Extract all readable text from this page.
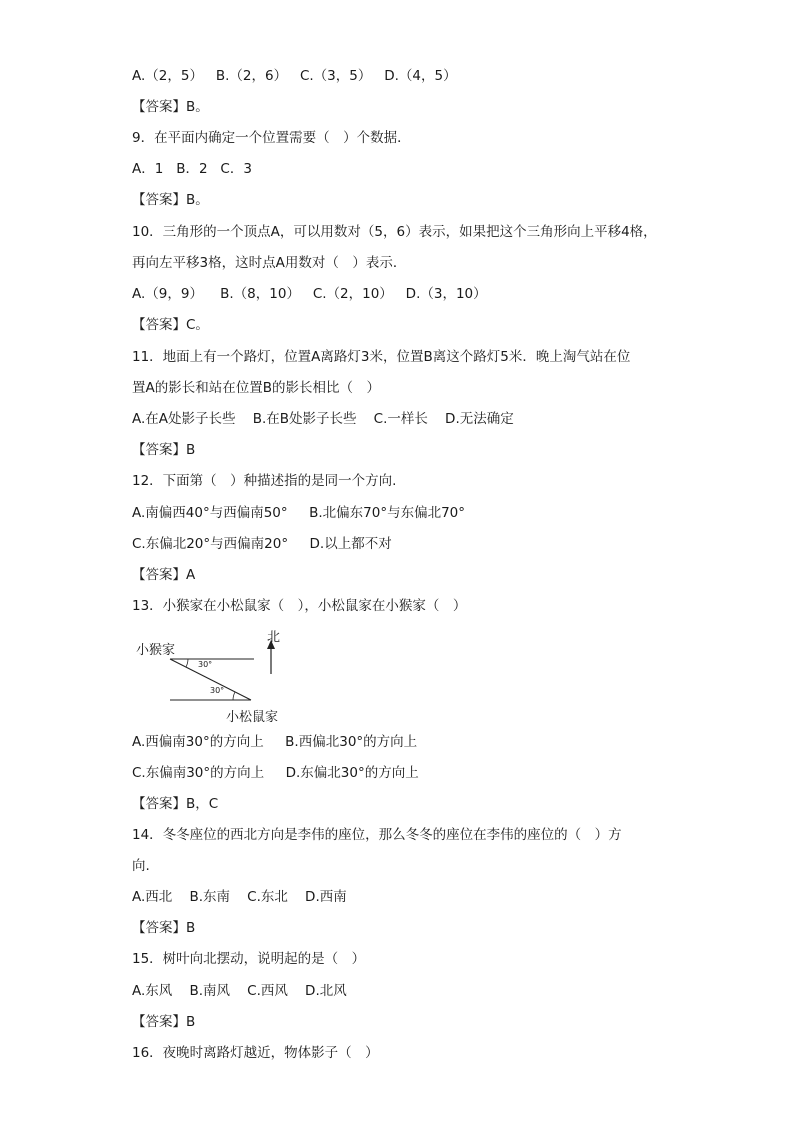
A.（2，5）   B.（2，6）   C.（3，5）   D.（4，5）
【答案】B。
9．在平面内确定一个位置需要（　）个数据．
A．1   B．2   C．3
【答案】B。
10．三角形的一个顶点A，可以用数对（5，6）表示，如果把这个三角形向上平移4格，
再向左平移3格，这时点A用数对（　）表示．
A.（9，9）    B.（8，10）   C.（2，10）   D.（3，10）
【答案】C。
11．地面上有一个路灯，位置A离路灯3米，位置B离这个路灯5米．晚上淘气站在位
置A的影长和站在位置B的影长相比（　）
A.在A处影子长些    B.在B处影子长些    C.一样长    D.无法确定
【答案】B
12．下面第（　）种描述指的是同一个方向.
A.南偏西40°与西偏南50°     B.北偏东70°与东偏北70°
C.东偏北20°与西偏南20°     D.以上都不对
【答案】A
13．小猴家在小松鼠家（　），小松鼠家在小猴家（　）
小猴家
北
30°
30°
小松鼠家
A.西偏南30°的方向上     B.西偏北30°的方向上
C.东偏南30°的方向上     D.东偏北30°的方向上
【答案】B，C
14．冬冬座位的西北方向是李伟的座位，那么冬冬的座位在李伟的座位的（　）方
向.
A.西北    B.东南    C.东北    D.西南
【答案】B
15．树叶向北摆动，说明起的是（　）
A.东风    B.南风    C.西风    D.北风
【答案】B
16．夜晚时离路灯越近，物体影子（　）
